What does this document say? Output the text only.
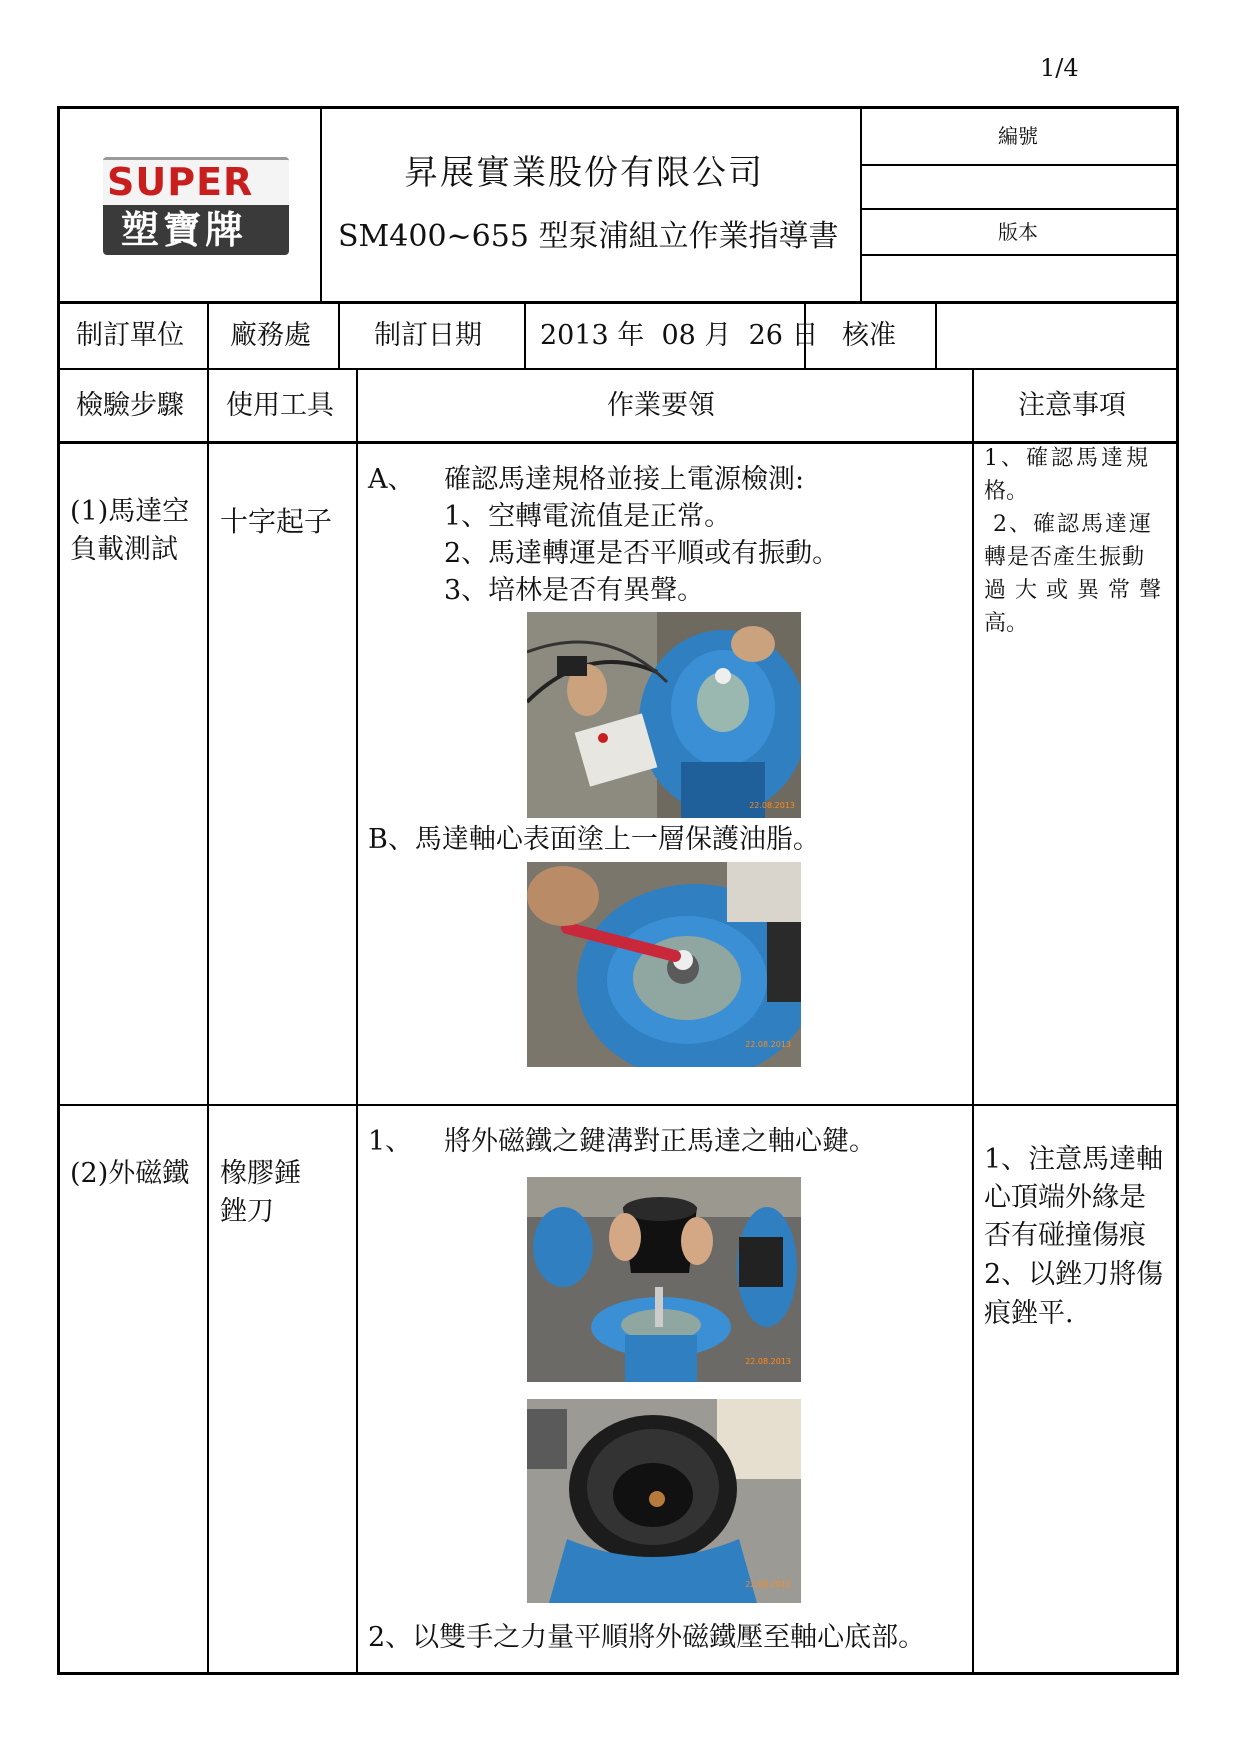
1/4
SUPER
塑寶牌
昇展實業股份有限公司
SM400~655 型泵浦組立作業指導書
編號
版本
制訂單位 廠務處 制訂日期 2013 年  08 月  26 日 核准
檢驗步驟 使用工具	作業要領	注意事項
(1)馬達空
負載測試
十字起子
A、 確認馬達規格並接上電源檢測:
1、空轉電流值是正常。
2、馬達轉運是否平順或有振動。
3、培林是否有異聲。
22.08.2013
B、馬達軸心表面塗上一層保護油脂。
22.08.2013
1、確認馬達規
格。
2、確認馬達運
轉是否產生振動
過大或異常聲
高。
(2)外磁鐵 橡膠錘
銼刀
1、 將外磁鐵之鍵溝對正馬達之軸心鍵。
22.08.2013
22.08.2013
2、以雙手之力量平順將外磁鐵壓至軸心底部。
1、注意馬達軸
心頂端外緣是
否有碰撞傷痕
2、以銼刀將傷
痕銼平.
